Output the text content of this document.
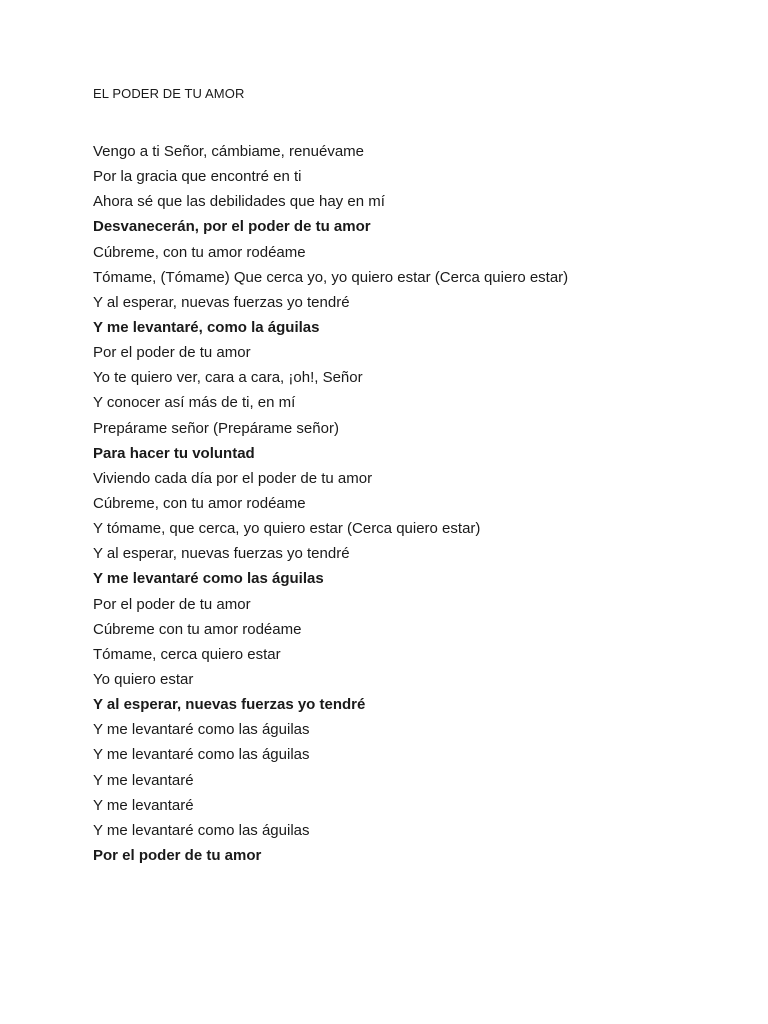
EL PODER DE TU AMOR
Vengo a ti Señor, cámbiame, renuévame
Por la gracia que encontré en ti
Ahora sé que las debilidades que hay en mí
Desvanecerán, por el poder de tu amor
Cúbreme, con tu amor rodéame
Tómame, (Tómame) Que cerca yo, yo quiero estar (Cerca quiero estar)
Y al esperar, nuevas fuerzas yo tendré
Y me levantaré, como la águilas
Por el poder de tu amor
Yo te quiero ver, cara a cara, ¡oh!, Señor
Y conocer así más de ti, en mí
Prepárame señor (Prepárame señor)
Para hacer tu voluntad
Viviendo cada día por el poder de tu amor
Cúbreme, con tu amor rodéame
Y tómame, que cerca, yo quiero estar (Cerca quiero estar)
Y al esperar, nuevas fuerzas yo tendré
Y me levantaré como las águilas
Por el poder de tu amor
Cúbreme con tu amor rodéame
Tómame, cerca quiero estar
Yo quiero estar
Y al esperar, nuevas fuerzas yo tendré
Y me levantaré como las águilas
Y me levantaré como las águilas
Y me levantaré
Y me levantaré
Y me levantaré como las águilas
Por el poder de tu amor
